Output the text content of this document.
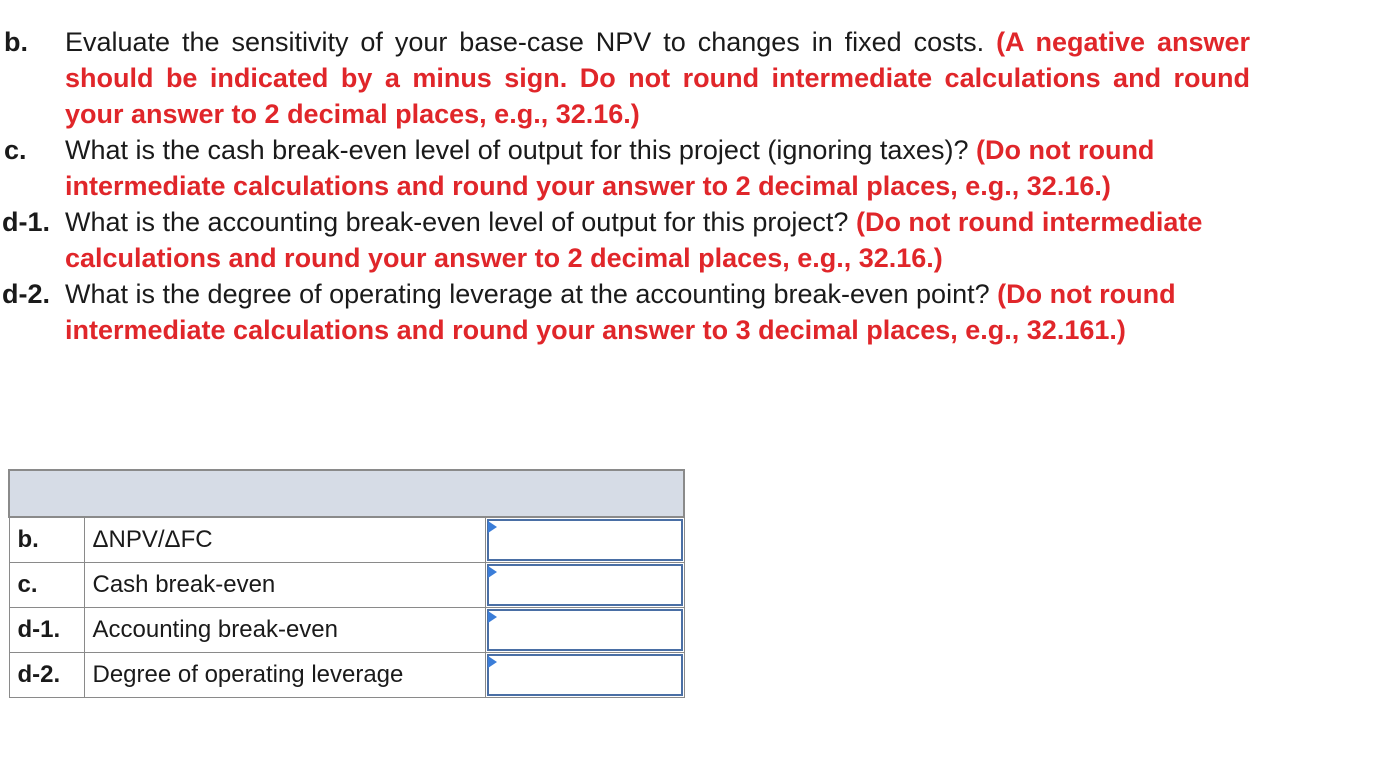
b. Evaluate the sensitivity of your base-case NPV to changes in fixed costs. (A negative answer should be indicated by a minus sign. Do not round intermediate calculations and round your answer to 2 decimal places, e.g., 32.16.)
c. What is the cash break-even level of output for this project (ignoring taxes)? (Do not round intermediate calculations and round your answer to 2 decimal places, e.g., 32.16.)
d-1. What is the accounting break-even level of output for this project? (Do not round intermediate calculations and round your answer to 2 decimal places, e.g., 32.16.)
d-2. What is the degree of operating leverage at the accounting break-even point? (Do not round intermediate calculations and round your answer to 3 decimal places, e.g., 32.161.)

b.	ΔNPV/ΔFC	

c.	Cash break-even	

d-1.	Accounting break-even	

d-2.	Degree of operating leverage	
